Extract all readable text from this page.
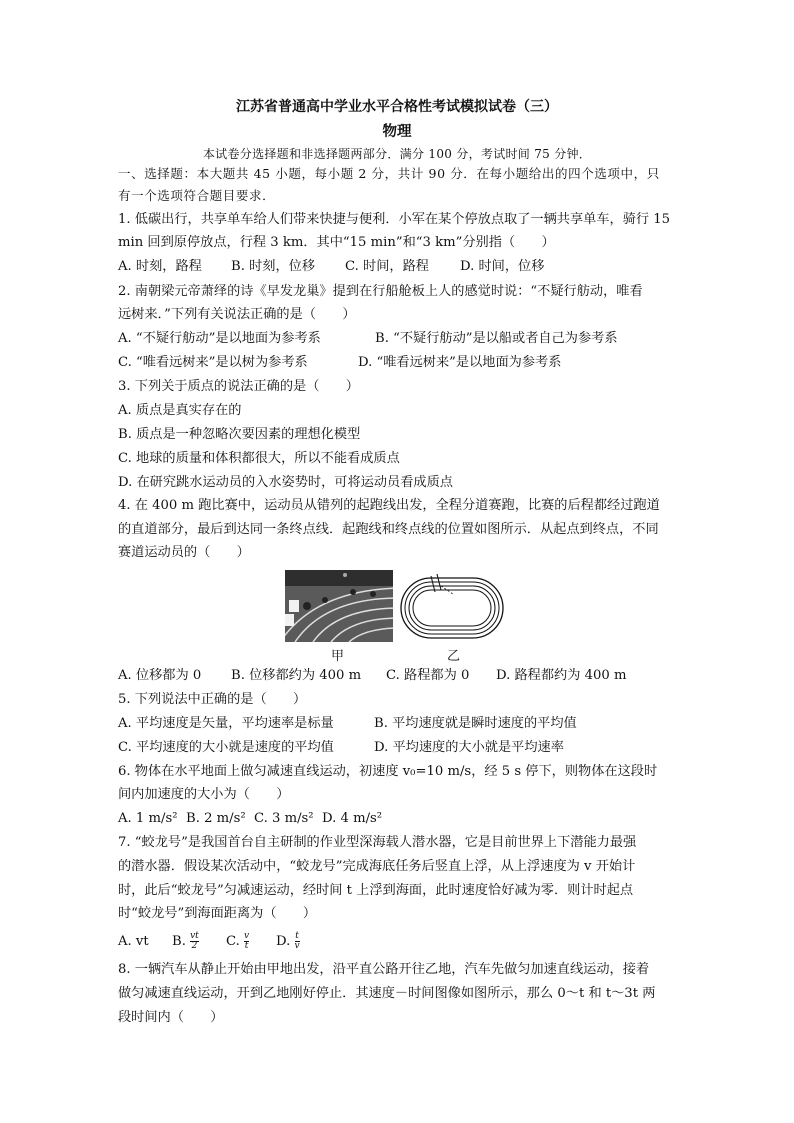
江苏省普通高中学业水平合格性考试模拟试卷（三）
物理
本试卷分选择题和非选择题两部分．满分 100 分，考试时间 75 分钟．
一、选择题：本大题共 45 小题，每小题 2 分，共计 90 分．在每小题给出的四个选项中，只
有一个选项符合题目要求．
1. 低碳出行，共享单车给人们带来快捷与便利．小军在某个停放点取了一辆共享单车，骑行 15
min 回到原停放点，行程 3 km．其中“15 min”和“3 km”分别指（　　）
A. 时刻，路程 B. 时刻，位移 C. 时间，路程 D. 时间，位移
2. 南朝梁元帝萧绎的诗《早发龙巢》提到在行船舱板上人的感觉时说：“不疑行舫动，唯看
远树来．”下列有关说法正确的是（　　）
A. “不疑行舫动”是以地面为参考系	B. “不疑行舫动”是以船或者自己为参考系
C. “唯看远树来”是以树为参考系	D. “唯看远树来”是以地面为参考系
3. 下列关于质点的说法正确的是（　　）
A. 质点是真实存在的
B. 质点是一种忽略次要因素的理想化模型
C. 地球的质量和体积都很大，所以不能看成质点
D. 在研究跳水运动员的入水姿势时，可将运动员看成质点
4. 在 400 m 跑比赛中，运动员从错列的起跑线出发，全程分道赛跑，比赛的后程都经过跑道
的直道部分，最后到达同一条终点线．起跑线和终点线的位置如图所示．从起点到终点，不同
赛道运动员的（　　）
甲	乙
A. 位移都为 0 B. 位移都约为 400 m C. 路程都为 0 D. 路程都约为 400 m
5. 下列说法中正确的是（　　）
A. 平均速度是矢量，平均速率是标量	B. 平均速度就是瞬时速度的平均值
C. 平均速度的大小就是速度的平均值	D. 平均速度的大小就是平均速率
6. 物体在水平地面上做匀减速直线运动，初速度 v₀=10 m/s，经 5 s 停下，则物体在这段时
间内加速度的大小为（　　）
A. 1 m/s² B. 2 m/s² C. 3 m/s² D. 4 m/s²
7. “蛟龙号”是我国首台自主研制的作业型深海载人潜水器，它是目前世界上下潜能力最强
的潜水器．假设某次活动中，“蛟龙号”完成海底任务后竖直上浮，从上浮速度为 v 开始计
时，此后“蛟龙号”匀减速运动，经时间 t 上浮到海面，此时速度恰好减为零．则计时起点
时“蛟龙号”到海面距离为（　　）
A. vt B. vt
2 C. v
t D. t
v
8. 一辆汽车从静止开始由甲地出发，沿平直公路开往乙地，汽车先做匀加速直线运动，接着
做匀减速直线运动，开到乙地刚好停止．其速度－时间图像如图所示，那么 0～t 和 t～3t 两
段时间内（　　）
